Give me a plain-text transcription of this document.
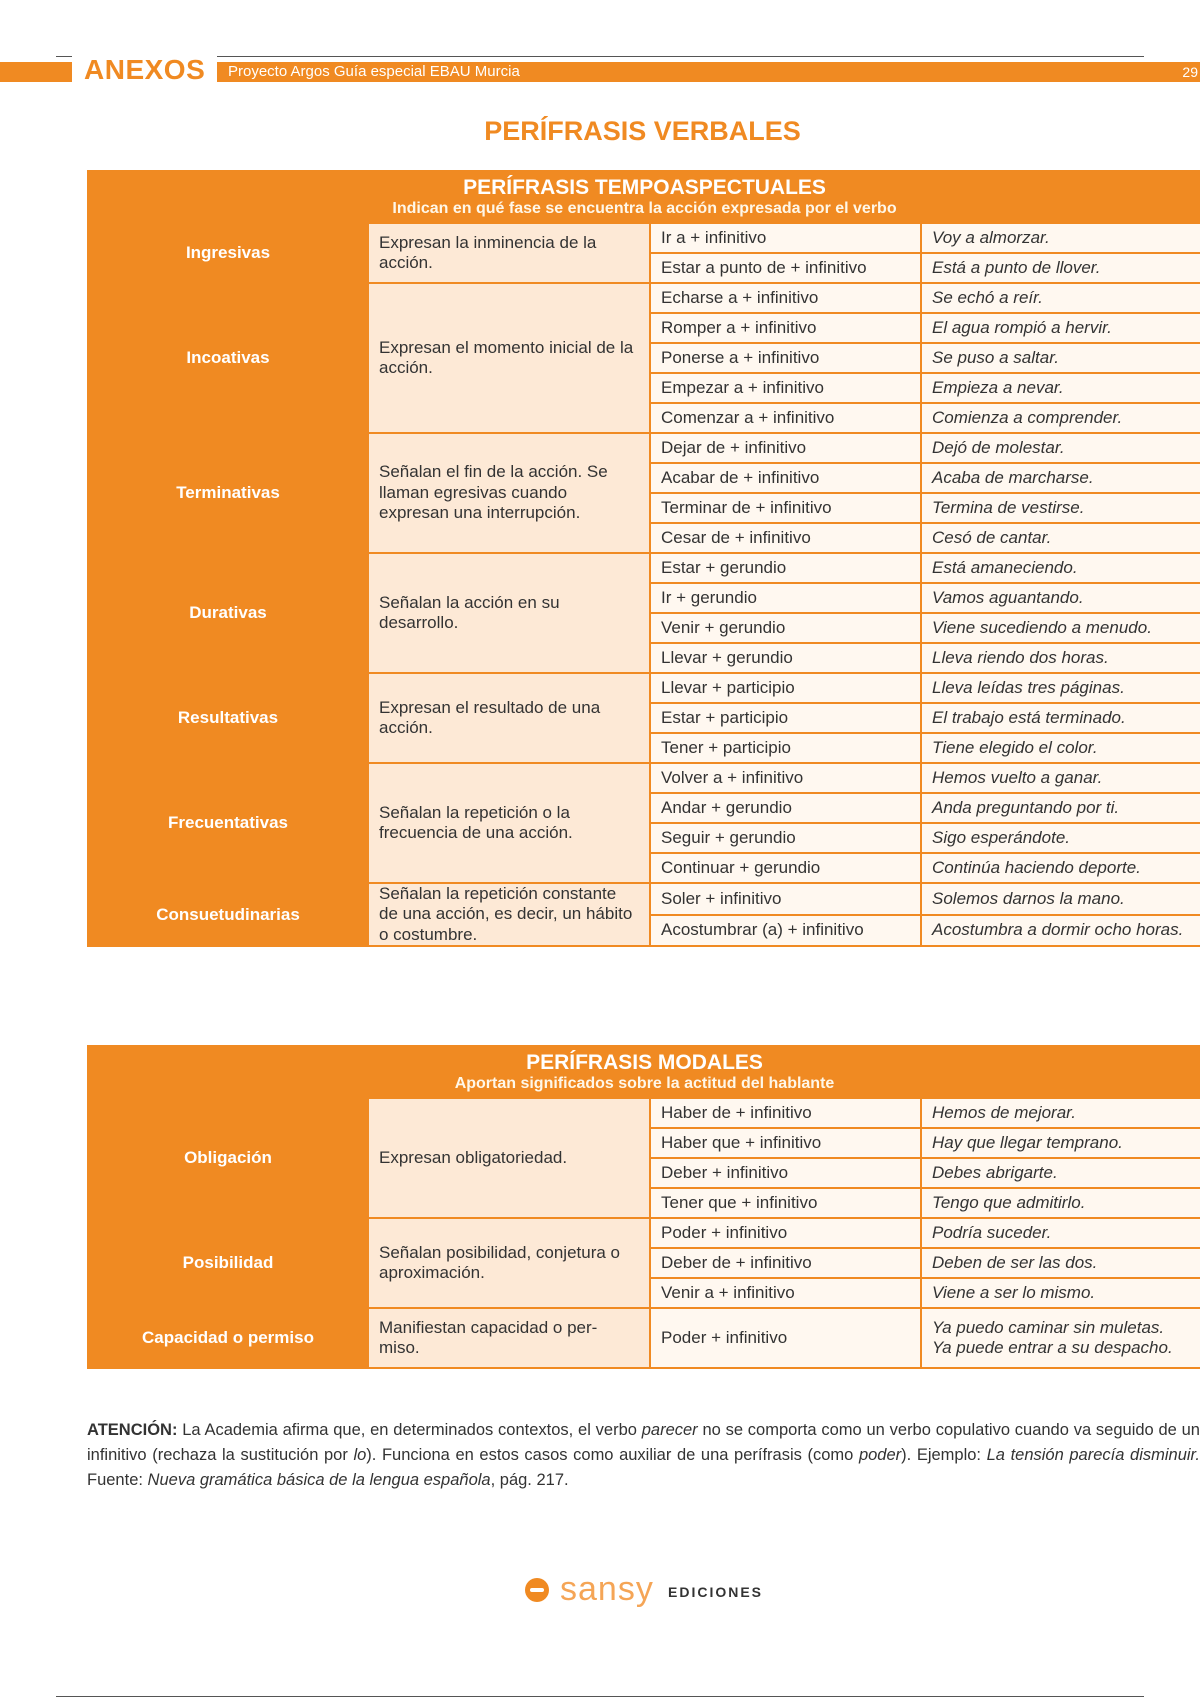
ANEXOS	Proyecto Argos Guía especial EBAU Murcia	29
PERÍFRASIS VERBALES
PERÍFRASIS TEMPOASPECTUALES
Indican en qué fase se encuentra la acción expresada por el verbo			

Ingresivas	Expresan la inminencia de la acción.	Ir a + infinitivo	Voy a almorzar.
		Estar a punto de + infinitivo	Está a punto de llover.
Incoativas	Expresan el momento inicial de la acción.	Echarse a + infinitivo	Se echó a reír.
		Romper a + infinitivo	El agua rompió a hervir.
		Ponerse a + infinitivo	Se puso a saltar.
		Empezar a + infinitivo	Empieza a nevar.
		Comenzar a + infinitivo	Comienza a comprender.
Terminativas	Señalan el fin de la acción. Se llaman egresivas cuando expresan una interrupción.	Dejar de + infinitivo	Dejó de molestar.
		Acabar de + infinitivo	Acaba de marcharse.
		Terminar de + infinitivo	Termina de vestirse.
		Cesar de + infinitivo	Cesó de cantar.
Durativas	Señalan la acción en su desarrollo.	Estar + gerundio	Está amaneciendo.
		Ir + gerundio	Vamos aguantando.
		Venir + gerundio	Viene sucediendo a menudo.
		Llevar + gerundio	Lleva riendo dos horas.
Resultativas	Expresan el resultado de una acción.	Llevar + participio	Lleva leídas tres páginas.
		Estar + participio	El trabajo está terminado.
		Tener + participio	Tiene elegido el color.
Frecuentativas	Señalan la repetición o la frecuencia de una acción.	Volver a + infinitivo	Hemos vuelto a ganar.
		Andar + gerundio	Anda preguntando por ti.
		Seguir + gerundio	Sigo esperándote.
		Continuar + gerundio	Continúa haciendo deporte.
Consuetudinarias	Señalan la repetición constante de una acción, es decir, un hábito o costumbre.	Soler + infinitivo	Solemos darnos la mano.
		Acostumbrar (a) + infinitivo	Acostumbra a dormir ocho horas.
PERÍFRASIS MODALES
Aportan significados sobre la actitud del hablante			

Obligación	Expresan obligatoriedad.	Haber de + infinitivo	Hemos de mejorar.
		Haber que + infinitivo	Hay que llegar temprano.
		Deber + infinitivo	Debes abrigarte.
		Tener que + infinitivo	Tengo que admitirlo.
Posibilidad	Señalan posibilidad, conjetura o aproximación.	Poder + infinitivo	Podría suceder.
		Deber de + infinitivo	Deben de ser las dos.
		Venir a + infinitivo	Viene a ser lo mismo.
Capacidad o permiso	Manifiestan capacidad o per- miso.	Poder + infinitivo	Ya puedo caminar sin muletas.
Ya puede entrar a su despacho.
ATENCIÓN: La Academia afirma que, en determinados contextos, el verbo parecer no se comporta como un verbo copulativo cuando va seguido de un infinitivo (rechaza la sustitución por lo). Funciona en estos casos como auxiliar de una perífrasis (como poder). Ejemplo: La tensión parecía disminuir. Fuente: Nueva gramática básica de la lengua española, pág. 217.
sansy EDICIONES
